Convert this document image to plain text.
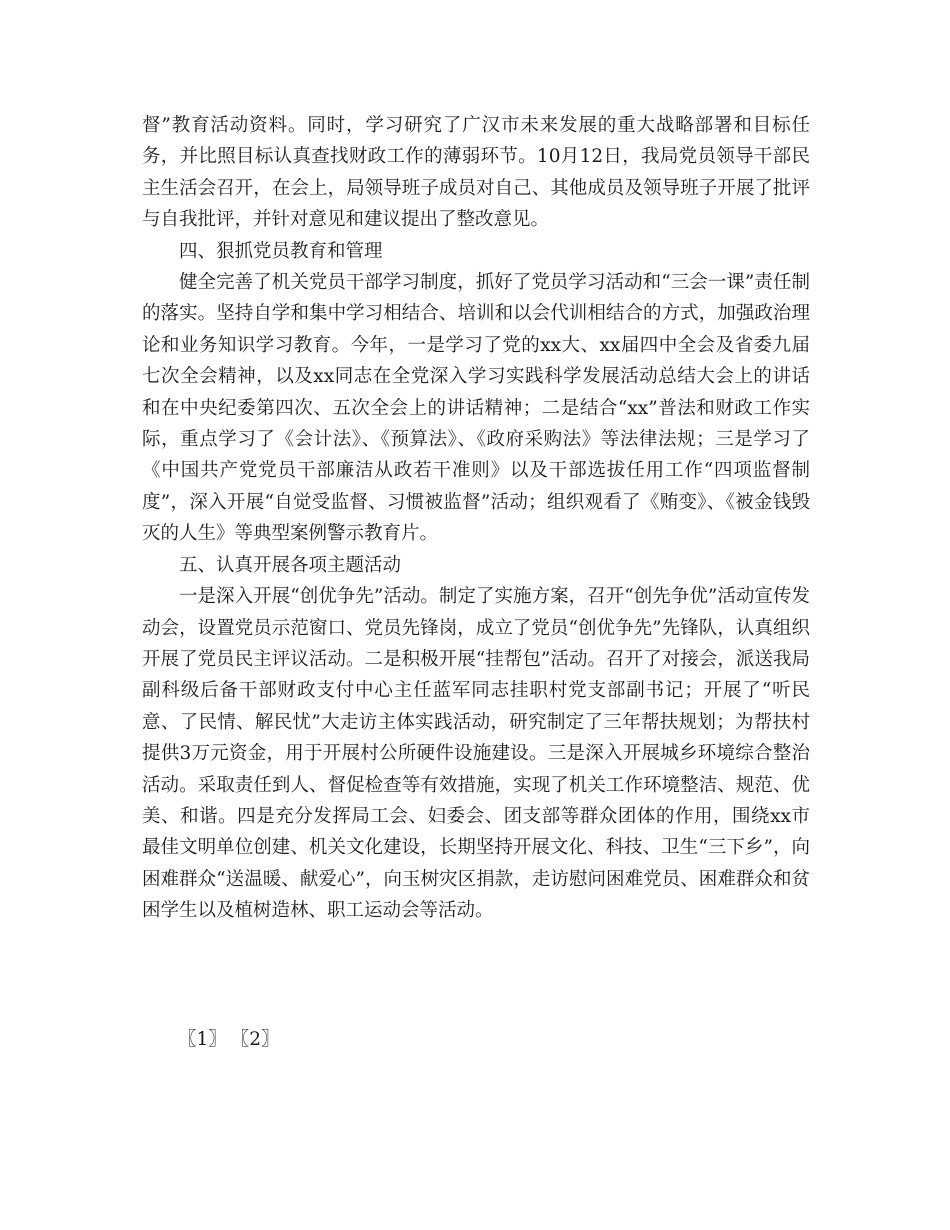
督”教育活动资料。同时，学习研究了广汉市未来发展的重大战略部署和目标任务，并比照目标认真查找财政工作的薄弱环节。10月12日，我局党员领导干部民主生活会召开，在会上，局领导班子成员对自己、其他成员及领导班子开展了批评与自我批评，并针对意见和建议提出了整改意见。

四、狠抓党员教育和管理

健全完善了机关党员干部学习制度，抓好了党员学习活动和“三会一课”责任制的落实。坚持自学和集中学习相结合、培训和以会代训相结合的方式，加强政治理论和业务知识学习教育。今年，一是学习了党的xx大、xx届四中全会及省委九届七次全会精神，以及xx同志在全党深入学习实践科学发展活动总结大会上的讲话和在中央纪委第四次、五次全会上的讲话精神；二是结合“xx”普法和财政工作实际，重点学习了《会计法》、《预算法》、《政府采购法》等法律法规；三是学习了《中国共产党党员干部廉洁从政若干准则》以及干部选拔任用工作“四项监督制度”，深入开展“自觉受监督、习惯被监督”活动；组织观看了《贿变》、《被金钱毁灭的人生》等典型案例警示教育片。

五、认真开展各项主题活动

一是深入开展“创优争先”活动。制定了实施方案，召开“创先争优”活动宣传发动会，设置党员示范窗口、党员先锋岗，成立了党员“创优争先”先锋队，认真组织开展了党员民主评议活动。二是积极开展“挂帮包”活动。召开了对接会，派送我局副科级后备干部财政支付中心主任蓝军同志挂职村党支部副书记；开展了“听民意、了民情、解民忧”大走访主体实践活动，研究制定了三年帮扶规划；为帮扶村提供3万元资金，用于开展村公所硬件设施建设。三是深入开展城乡环境综合整治活动。采取责任到人、督促检查等有效措施，实现了机关工作环境整洁、规范、优美、和谐。四是充分发挥局工会、妇委会、团支部等群众团体的作用，围绕xx市最佳文明单位创建、机关文化建设，长期坚持开展文化、科技、卫生“三下乡”，向困难群众“送温暖、献爱心”，向玉树灾区捐款，走访慰问困难党员、困难群众和贫困学生以及植树造林、职工运动会等活动。

〖1〗 〖2〗
